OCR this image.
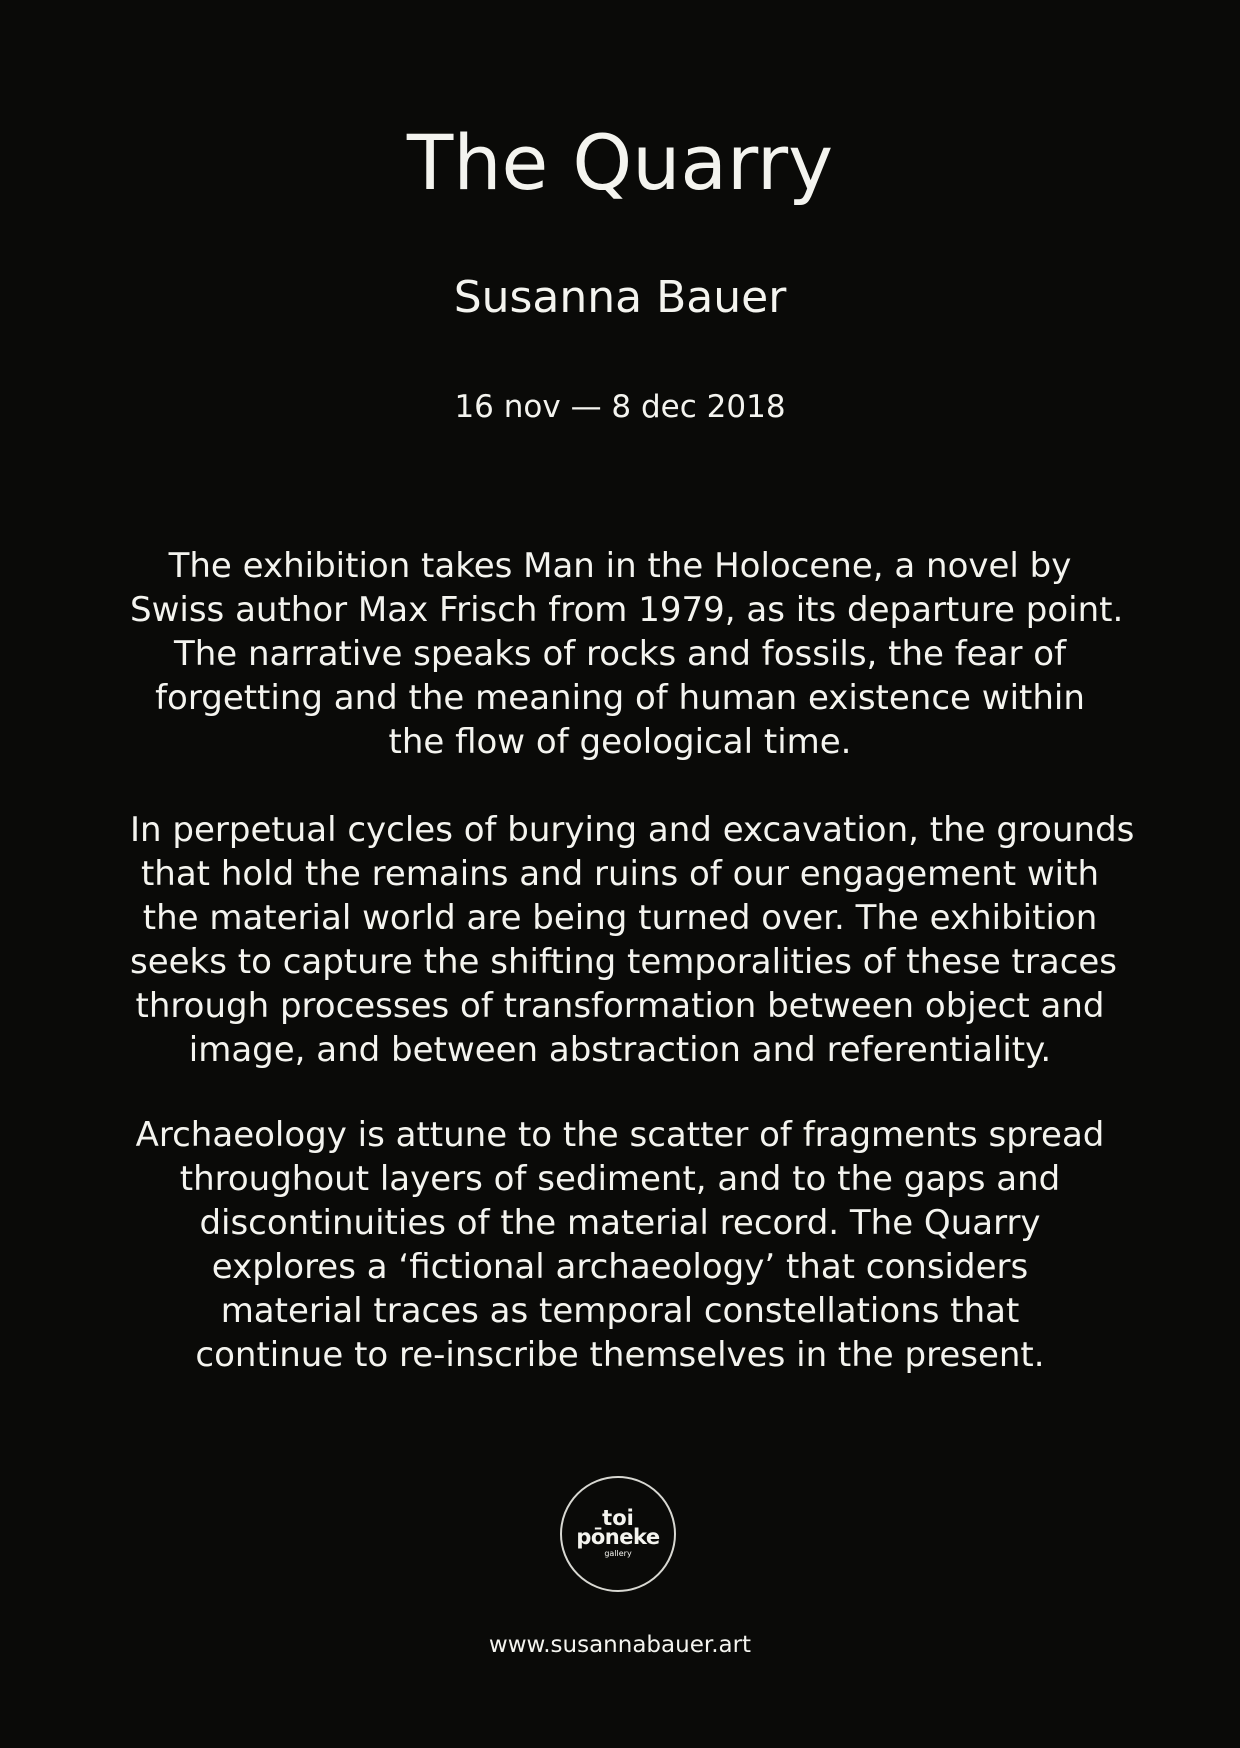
The Quarry
Susanna Bauer

16 nov — 8 dec 2018

The exhibition takes Man in the Holocene, a novel by
Swiss author Max Frisch from 1979, as its departure point.
The narrative speaks of rocks and fossils, the fear of
forgetting and the meaning of human existence within
the flow of geological time.

In perpetual cycles of burying and excavation, the grounds
that hold the remains and ruins of our engagement with
the material world are being turned over. The exhibition
seeks to capture the shifting temporalities of these traces
through processes of transformation between object and
image, and between abstraction and referentiality.

Archaeology is attune to the scatter of fragments spread
throughout layers of sediment, and to the gaps and
discontinuities of the material record. The Quarry
explores a ‘fictional archaeology’ that considers
material traces as temporal constellations that
continue to re-inscribe themselves in the present.

toi
pōneke
gallery

www.susannabauer.art
